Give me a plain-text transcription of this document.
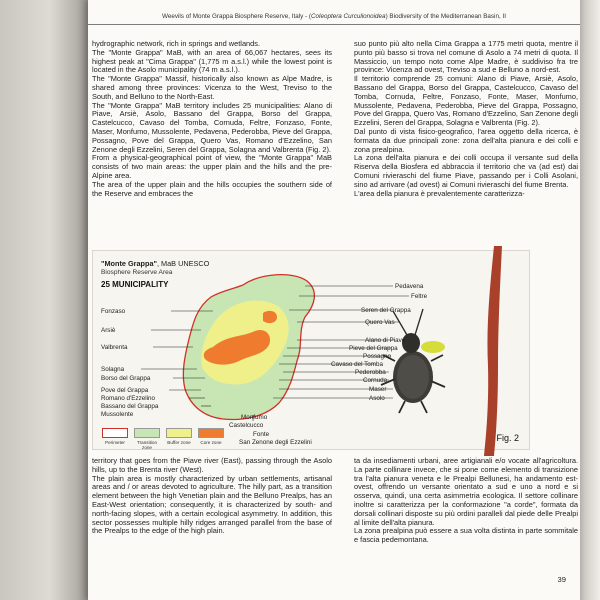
Weevils of Monte Grappa Biosphere Reserve, Italy - (Coleoptera Curculionoidea) Biodiversity of the Mediterranean Basin, II

hydrographic network, rich in springs and wetlands.

The "Monte Grappa" MaB, with an area of 66,067 hectares, sees its highest peak at "Cima Grappa" (1,775 m a.s.l.) while the lowest point is located in the Asolo municipality (74 m a.s.l.).

The "Monte Grappa" Massif, historically also known as Alpe Madre, is shared among three provinces: Vicenza to the West, Treviso to the South, and Belluno to the North-East.

The "Monte Grappa" MaB territory includes 25 municipalities: Alano di Piave, Arsiè, Asolo, Bassano del Grappa, Borso del Grappa, Castelcucco, Cavaso del Tomba, Cornuda, Feltre, Fonzaso, Fonte, Maser, Monfumo, Mussolente, Pedavena, Pederobba, Pieve del Grappa, Possagno, Pove del Grappa, Quero Vas, Romano d'Ezzelino, San Zenone degli Ezzelini, Seren del Grappa, Solagna and Valbrenta (Fig. 2).

From a physical-geographical point of view, the "Monte Grappa" MaB consists of two main areas: the upper plain and the hills and the pre-Alpine area.

The area of the upper plain and the hills occupies the southern side of the Reserve and embraces the

suo punto più alto nella Cima Grappa a 1775 metri quota, mentre il punto più basso si trova nel comune di Asolo a 74 metri di quota. Il Massiccio, un tempo noto come Alpe Madre, è suddiviso fra tre province: Vicenza ad ovest, Treviso a sud e Belluno a nord-est.

Il territorio comprende 25 comuni: Alano di Piave, Arsiè, Asolo, Bassano del Grappa, Borso del Grappa, Castelcucco, Cavaso del Tomba, Cornuda, Feltre, Fonzaso, Fonte, Maser, Monfumo, Mussolente, Pedavena, Pederobba, Pieve del Grappa, Possagno, Pove del Grappa, Quero Vas, Romano d'Ezzelino, San Zenone degli Ezzelini, Seren del Grappa, Solagna e Valbrenta (Fig. 2).

Dal punto di vista fisico-geografico, l'area oggetto della ricerca, è formata da due principali zone: zona dell'alta pianura e dei colli e zona prealpina.

La zona dell'alta pianura e dei colli occupa il versante sud della Riserva della Biosfera ed abbraccia il territorio che va (ad est) dai Comuni rivieraschi del fiume Piave, passando per i Colli Asolani, sino ad arrivare (ad ovest) ai Comuni rivieraschi del fiume Brenta.

L'area della pianura è prevalentemente caratterizza-

"Monte Grappa", MaB UNESCO
Biosphere Reserve Area
25 MUNICIPALITY
Fonzaso
Arsiè
Valbrenta
Solagna
Borso del Grappa
Pove del Grappa
Romano d'Ezzelino
Bassano del Grappa
Mussolente
Pedavena
Feltre
Seren del Grappa
Quero Vas
Alano di Piave
Pieve del Grappa
Possagno
Cavaso del Tomba
Pederobba
Cornuda
Maser
Asolo
Monfumo
Castelcucco
Fonte
San Zenone degli Ezzelini
Perimeter	Transition zone
Buffer zone	Core zone	Fig. 2

territory that goes from the Piave river (East), passing through the Asolo hills, up to the Brenta river (West).

The plain area is mostly characterized by urban settlements, artisanal areas and / or areas devoted to agriculture. The hilly part, as a transition element between the high Venetian plain and the Belluno Prealps, has an East-West orientation; consequently, it is characterized by south- and north-facing slopes, with a certain ecological asymmetry. In addition, this sector possesses multiple hilly ridges arranged parallel from the base of the Prealps to the edge of the high plain.

ta da insediamenti urbani, aree artigianali e/o vocate all'agricoltura. La parte collinare invece, che si pone come elemento di transizione tra l'alta pianura veneta e le Prealpi Bellunesi, ha andamento est-ovest, offrendo un versante orientato a sud e uno a nord e si osserva, quindi, una certa asimmetria ecologica. Il settore collinare inoltre si caratterizza per la conformazione "a corde", formata da dorsali collinari disposte su più ordini paralleli dal piede delle Prealpi al limite dell'alta pianura.

La zona prealpina può essere a sua volta distinta in parte sommitale e fascia pedemontana.

39
